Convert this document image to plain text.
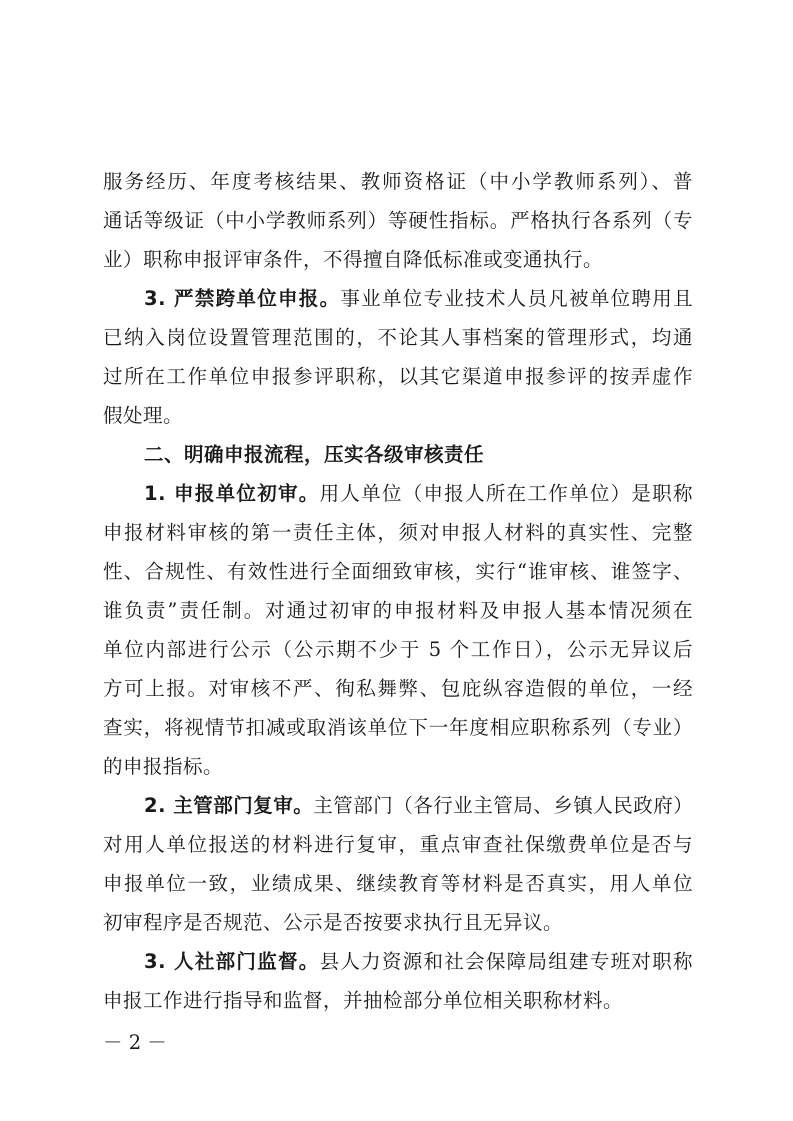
服务经历、年度考核结果、教师资格证（中小学教师系列）、普
通话等级证（中小学教师系列）等硬性指标。严格执行各系列（专
业）职称申报评审条件，不得擅自降低标准或变通执行。
3. 严禁跨单位申报。事业单位专业技术人员凡被单位聘用且
已纳入岗位设置管理范围的，不论其人事档案的管理形式，均通
过所在工作单位申报参评职称，以其它渠道申报参评的按弄虚作
假处理。
二、明确申报流程，压实各级审核责任
1. 申报单位初审。用人单位（申报人所在工作单位）是职称
申报材料审核的第一责任主体，须对申报人材料的真实性、完整
性、合规性、有效性进行全面细致审核，实行“谁审核、谁签字、
谁负责”责任制。对通过初审的申报材料及申报人基本情况须在
单位内部进行公示（公示期不少于 5 个工作日），公示无异议后
方可上报。对审核不严、徇私舞弊、包庇纵容造假的单位，一经
查实，将视情节扣减或取消该单位下一年度相应职称系列（专业）
的申报指标。
2. 主管部门复审。主管部门（各行业主管局、乡镇人民政府）
对用人单位报送的材料进行复审，重点审查社保缴费单位是否与
申报单位一致，业绩成果、继续教育等材料是否真实，用人单位
初审程序是否规范、公示是否按要求执行且无异议。
3. 人社部门监督。县人力资源和社会保障局组建专班对职称
申报工作进行指导和监督，并抽检部分单位相关职称材料。
－ 2 －
